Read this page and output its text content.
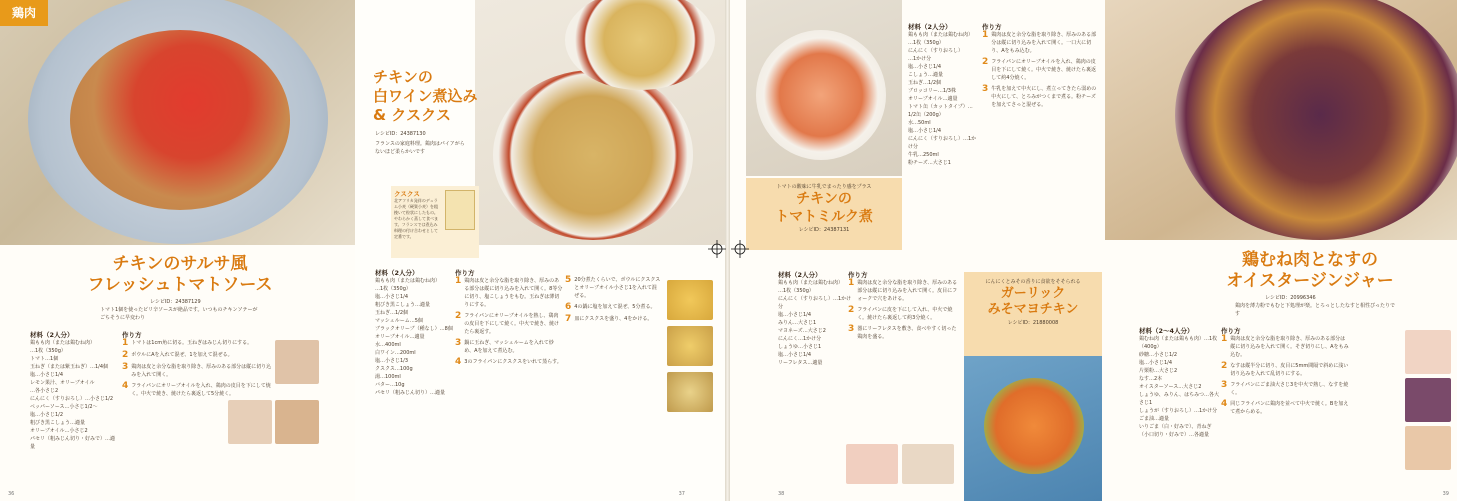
鶏肉
チキンのサルサ風
フレッシュトマトソース
レシピID：24387129
トマト1個を使ったピリ辛ソースが絶品です。いつものチキンソテーがごちそうに早変わり
材料（2人分）
鶏もも肉（または鶏むね肉）
…1枚（350g）
トマト…1個
玉ねぎ（または紫玉ねぎ）…1/4個
塩…小さじ1/4
レモン果汁、オリーブオイル
…各小さじ2
にんにく（すりおろし）…小さじ1/2
ペッパーソース…小さじ1/2〜
塩…小さじ1/2
粗びき黒こしょう…適量
オリーブオイル…小さじ2
パセリ（粗みじん切り・好みで）…適量
作り方
1 トマトは1cm角に切る。玉ねぎはみじん切りにする。
2 ボウルにAを入れて混ぜ、1を加えて混ぜる。
3 鶏肉は皮と余分な脂を取り除き、厚みのある部分は縦に切り込みを入れて開く。
4 フライパンにオリーブオイルを入れ、鶏肉の皮目を下にして焼く。中火で焼き、焼けたら裏返して5分焼く。
36
チキンの
白ワイン煮込み
& クスクス
レシピID：24387130
フランスの家庭料理。鶏肉はパイアがらないほど柔らかいです
クスクス
北アフリカ発祥のデュラム小麦（硬質小麦）を粗挽いて粒状にしたもの。やわらかく蒸して食べます。フランスでは煮込み料理の付け合わせとして定番です。
材料（2人分）
鶏もも肉（または鶏むね肉）
…1枚（350g）
塩…小さじ1/4
粗びき黒こしょう…適量
玉ねぎ…1/2個
マッシュルーム…5個
ブラックオリーブ（種なし）…8個
オリーブオイル…適量
水…400ml
白ワイン…200ml
塩…小さじ1/3
クスクス…100g
湯…100ml
バター…10g
パセリ（粗みじん切り）…適量
作り方
1 鶏肉は皮と余分な脂を取り除き、厚みのある部分は縦に切り込みを入れて開く。8等分に切り、塩こしょうをもむ。玉ねぎは薄切りにする。
2 フライパンにオリーブオイルを熱し、鶏肉の皮目を下にして焼く。中火で焼き、焼けたら裏返す。
3 鍋に玉ねぎ、マッシュルームを入れて炒め、Aを加えて煮込む。
4 3のフライパンにクスクスをいれて蒸らす。
5 20分煮たくらいで、ボウルにクスクスとオリーブオイル小さじ1を入れて混ぜる。
6 4の鍋に塩を加えて混ぜ、5分煮る。
7 皿にクスクスを盛り、4をかける。
37
トマトの酸味に牛乳でまったり感をプラス
チキンの
トマトミルク煮
レシピID：24387131
材料（2人分）
鶏もも肉（または鶏むね肉）
…1枚（350g）
にんにく（すりおろし）
…1かけ分
塩…小さじ1/4
こしょう…適量
玉ねぎ…1/2個
ブロッコリー…1/3株
オリーブオイル…適量
トマト缶（カットタイプ）…1/2缶（200g）
水…50ml
塩…小さじ1/4
にんにく（すりおろし）…1かけ分
牛乳…250ml
粉チーズ…大さじ1
作り方
1 鶏肉は皮と余分な脂を取り除き、厚みのある部分は縦に切り込みを入れて開く。一口大に切り、Aをもみ込む。
2 フライパンにオリーブオイルを入れ、鶏肉の皮目を下にして焼く。中火で焼き、焼けたら裏返して約4分焼く。
3 牛乳を加えて中火にし、煮立ってきたら弱めの中火にして、とろみがつくまで煮る。粉チーズを加えてさっと混ぜる。
材料（2人分）
鶏もも肉（または鶏むね肉）
…1枚（350g）
にんにく（すりおろし）…1かけ分
塩…小さじ1/4
みりん…大さじ1
マヨネーズ…大さじ2
にんにく…1かけ分
しょうゆ…小さじ1
塩…小さじ1/4
リーフレタス…適量
作り方
1 鶏肉は皮と余分な脂を取り除き、厚みのある部分は縦に切り込みを入れて開く。皮目にフォークで穴をあける。
2 フライパンに皮を下にして入れ、中火で焼く。焼けたら裏返して約3分焼く。
3 器にリーフレタスを敷き、食べやすく切った鶏肉を盛る。
にんにくとみその香りに食欲をそそられる
ガーリック
みそマヨチキン
レシピID：21880008
38
鶏むね肉となすの
オイスタージンジャー
レシピID：20996346
鶏肉を薄力粉でもむと下処理が楽。とろっとしたなすと相性ぴったりです
材料（2〜4人分）
鶏むね肉（または鶏もも肉）…1枚（400g）
砂糖…小さじ1/2
塩…小さじ1/4
片栗粉…大さじ2
なす…2本
オイスターソース…大さじ2
しょうゆ、みりん、はちみつ…各大さじ1
しょうが（すりおろし）…1かけ分
ごま油…適量
いりごま（白・好みで）、青ねぎ（小口切り・好みで）…各適量
作り方
1 鶏肉は皮と余分な脂を取り除き、厚みのある部分は縦に切り込みを入れて開く。そぎ切りにし、Aをもみ込む。
2 なすは縦半分に切り、皮目に5mm間隔で斜めに浅い切り込みを入れて乱切りにする。
3 フライパンにごま油大さじ3を中火で熱し、なすを焼く。
4 同じフライパンに鶏肉を並べて中火で焼く。Bを加えて煮からめる。
39
